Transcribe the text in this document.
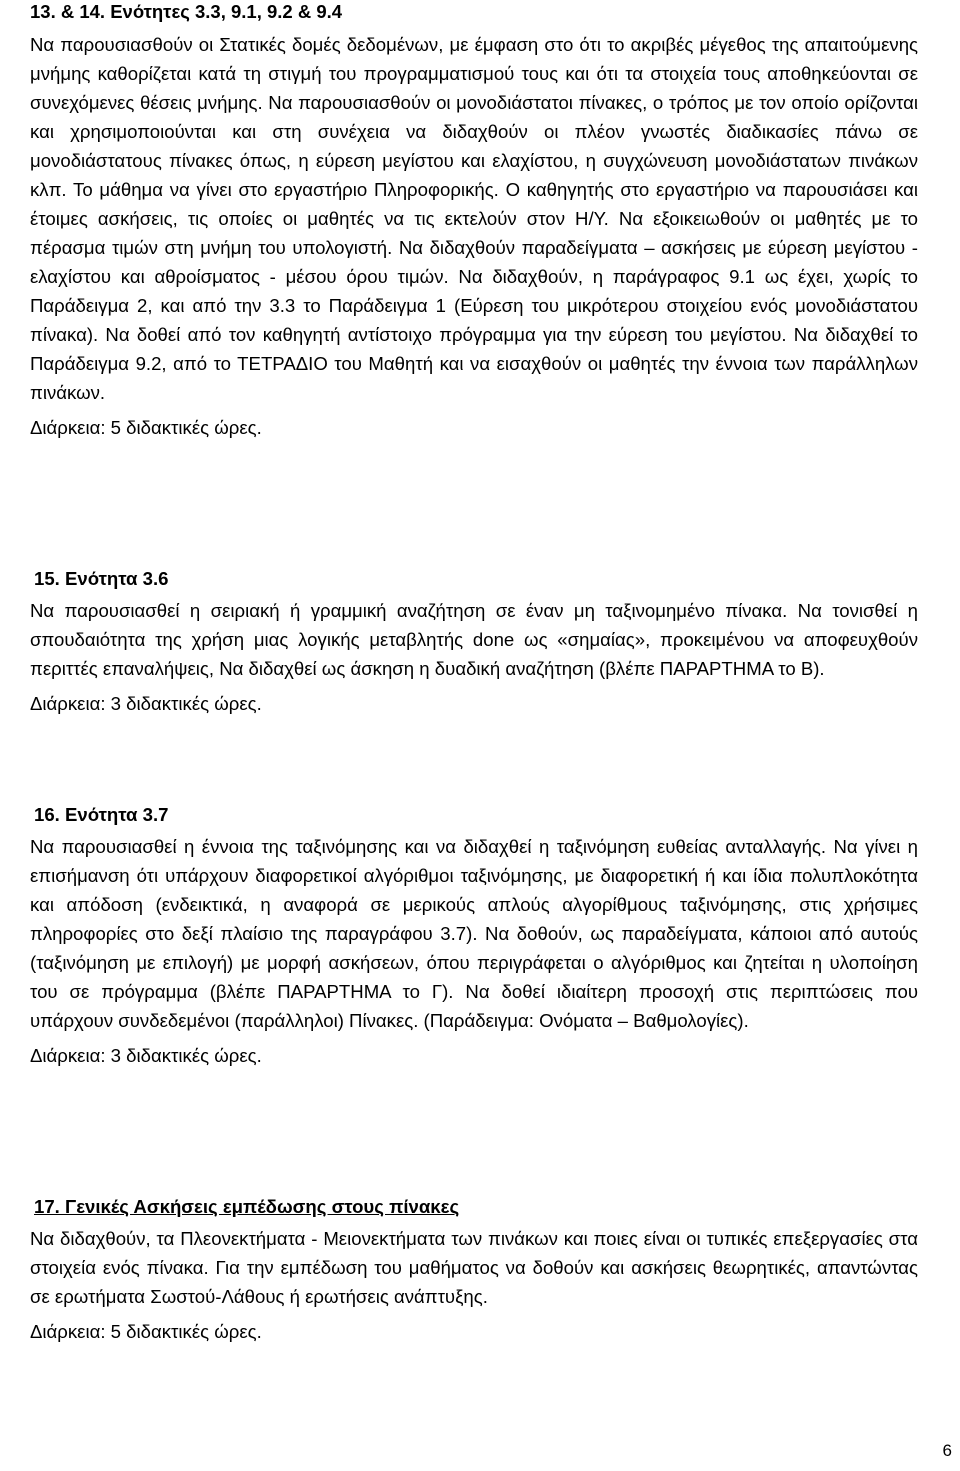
13. & 14. Ενότητες 3.3, 9.1, 9.2 & 9.4

Να παρουσιασθούν οι Στατικές δομές δεδομένων, με έμφαση στο ότι το ακριβές μέγεθος της απαιτούμενης μνήμης καθορίζεται κατά τη στιγμή του προγραμματισμού τους και ότι τα στοιχεία τους αποθηκεύονται σε συνεχόμενες θέσεις μνήμης. Να παρουσιασθούν οι μονοδιάστατοι πίνακες, ο τρόπος με τον οποίο ορίζονται και χρησιμοποιούνται και στη συνέχεια να διδαχθούν οι πλέον γνωστές διαδικασίες πάνω σε μονοδιάστατους πίνακες όπως, η εύρεση μεγίστου και ελαχίστου, η συγχώνευση μονοδιάστατων πινάκων κλπ. Το μάθημα να γίνει στο εργαστήριο Πληροφορικής. Ο καθηγητής στο εργαστήριο να παρουσιάσει και έτοιμες ασκήσεις, τις οποίες οι μαθητές να τις εκτελούν στον Η/Υ. Να εξοικειωθούν οι μαθητές με το πέρασμα τιμών στη μνήμη του υπολογιστή. Να διδαχθούν παραδείγματα – ασκήσεις με εύρεση μεγίστου - ελαχίστου και αθροίσματος - μέσου όρου τιμών. Να διδαχθούν, η παράγραφος 9.1 ως έχει, χωρίς το Παράδειγμα 2, και από την 3.3 το Παράδειγμα 1 (Εύρεση του μικρότερου στοιχείου ενός μονοδιάστατου πίνακα). Να δοθεί από τον καθηγητή αντίστοιχο πρόγραμμα για την εύρεση του μεγίστου. Να διδαχθεί το Παράδειγμα 9.2, από το ΤΕΤΡΑΔΙΟ του Μαθητή και να εισαχθούν οι μαθητές την έννοια των παράλληλων πινάκων.

Διάρκεια: 5 διδακτικές ώρες.

15. Ενότητα 3.6

Να παρουσιασθεί η σειριακή ή γραμμική αναζήτηση σε έναν μη ταξινομημένο πίνακα. Να τονισθεί η σπουδαιότητα της χρήση μιας λογικής μεταβλητής done ως «σημαίας», προκειμένου να αποφευχθούν περιττές επαναλήψεις, Να διδαχθεί ως άσκηση η δυαδική αναζήτηση (βλέπε ΠΑΡΑΡΤΗΜΑ το Β).

Διάρκεια: 3 διδακτικές ώρες.

16. Ενότητα 3.7

Να παρουσιασθεί η έννοια της ταξινόμησης και να διδαχθεί η ταξινόμηση ευθείας ανταλλαγής. Να γίνει η επισήμανση ότι υπάρχουν διαφορετικοί αλγόριθμοι ταξινόμησης, με διαφορετική ή και ίδια πολυπλοκότητα και απόδοση (ενδεικτικά, η αναφορά σε μερικούς απλούς αλγορίθμους ταξινόμησης, στις χρήσιμες πληροφορίες στο δεξί πλαίσιο της παραγράφου 3.7). Να δοθούν, ως παραδείγματα, κάποιοι από αυτούς (ταξινόμηση με επιλογή) με μορφή ασκήσεων, όπου περιγράφεται ο αλγόριθμος και ζητείται η υλοποίηση του σε πρόγραμμα (βλέπε ΠΑΡΑΡΤΗΜΑ το Γ). Να δοθεί ιδιαίτερη προσοχή στις περιπτώσεις που υπάρχουν συνδεδεμένοι (παράλληλοι) Πίνακες. (Παράδειγμα: Ονόματα – Βαθμολογίες).

Διάρκεια: 3 διδακτικές ώρες.

17. Γενικές Ασκήσεις εμπέδωσης στους πίνακες

Να διδαχθούν, τα Πλεονεκτήματα - Μειονεκτήματα των πινάκων και ποιες είναι οι τυπικές επεξεργασίες στα στοιχεία ενός πίνακα. Για την εμπέδωση του μαθήματος να δοθούν και ασκήσεις θεωρητικές, απαντώντας σε ερωτήματα Σωστού-Λάθους ή ερωτήσεις ανάπτυξης.

Διάρκεια: 5 διδακτικές ώρες.

6
